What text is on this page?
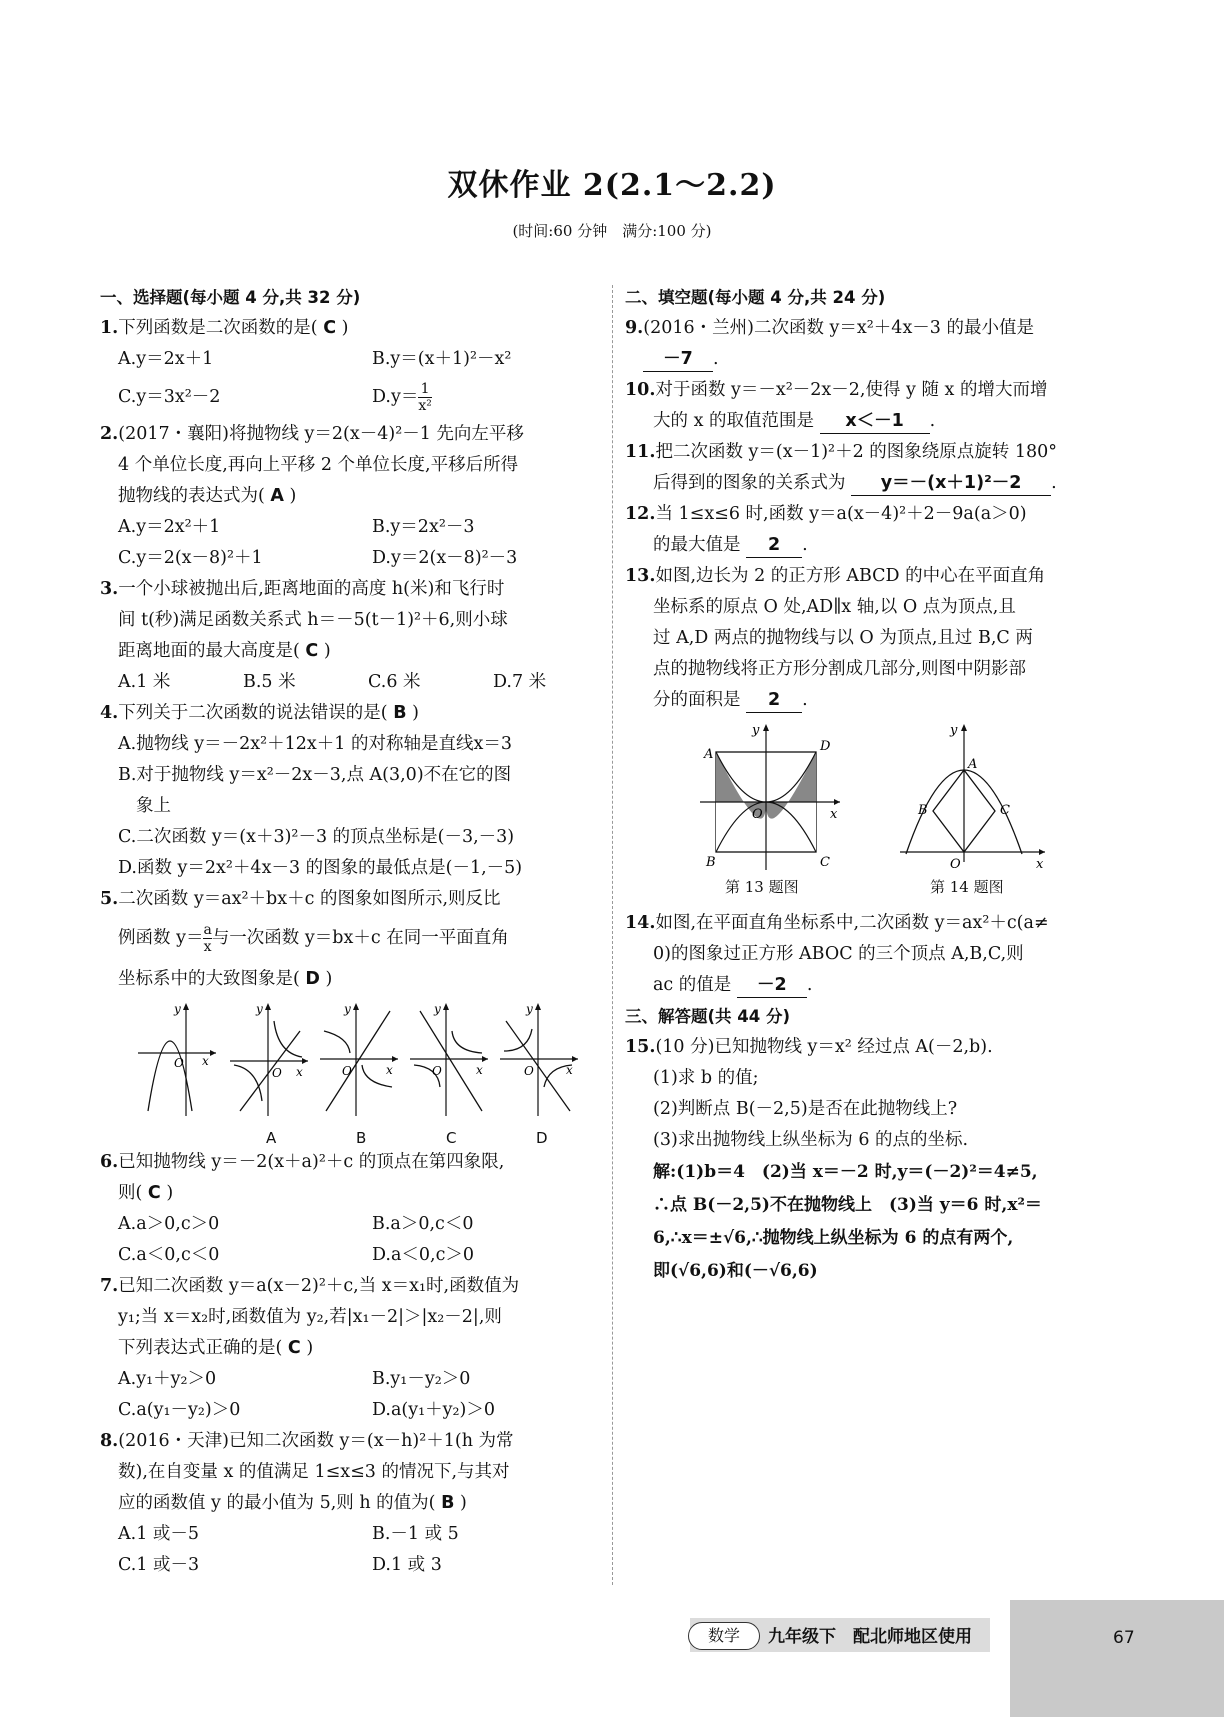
双休作业 2(2.1～2.2)
(时间:60 分钟　满分:100 分)
一、选择题(每小题 4 分,共 32 分)
1.下列函数是二次函数的是( C )
A.y＝2x＋1	B.y＝(x＋1)²－x²
C.y＝3x²－2	$D.y= \frac{1}{\text{x²}}$
2.(2017・襄阳)将抛物线 y＝2(x－4)²－1 先向左平移
4 个单位长度,再向上平移 2 个单位长度,平移后所得
抛物线的表达式为( A )
A.y＝2x²＋1	B.y＝2x²－3
C.y＝2(x－8)²＋1	D.y＝2(x－8)²－3
3.一个小球被抛出后,距离地面的高度 h(米)和飞行时
间 t(秒)满足函数关系式 h＝－5(t－1)²＋6,则小球
距离地面的最大高度是( C )
A.1 米	B.5 米	C.6 米	D.7 米
4.下列关于二次函数的说法错误的是( B )
A.抛物线 y＝－2x²＋12x＋1 的对称轴是直线x＝3
B.对于抛物线 y＝x²－2x－3,点 A(3,0)不在它的图
象上
C.二次函数 y＝(x＋3)²－3 的顶点坐标是(－3,－3)
D.函数 y＝2x²＋4x－3 的图象的最低点是(－1,－5)
5.二次函数 y＝ax²＋bx＋c 的图象如图所示,则反比
例函数 $y= \frac{a}{x}$ 与一次函数 y＝bx＋c 在同一平面直角
坐标系中的大致图象是( D )
O x
y
O x
y
O	x
y
O	x
y
O	x
y
A	B	C	D
6.已知抛物线 y＝－2(x＋a)²＋c 的顶点在第四象限,
则( C )
A.a＞0,c＞0	B.a＞0,c＜0
C.a＜0,c＜0	D.a＜0,c＞0
7.已知二次函数 y＝a(x－2)²＋c,当 x＝x₁时,函数值为
y₁;当 x＝x₂时,函数值为 y₂,若|x₁－2|＞|x₂－2|,则
下列表达式正确的是( C )
A.y₁＋y₂＞0	B.y₁－y₂＞0
C.a(y₁－y₂)＞0	D.a(y₁＋y₂)＞0
8.(2016・天津)已知二次函数 y＝(x－h)²＋1(h 为常
数),在自变量 x 的值满足 1≤x≤3 的情况下,与其对
应的函数值 y 的最小值为 5,则 h 的值为( B )
A.1 或－5	B.－1 或 5
C.1 或－3	D.1 或 3
二、填空题(每小题 4 分,共 24 分)
9.(2016・兰州)二次函数 y＝x²＋4x－3 的最小值是
－7 .
10.对于函数 y＝－x²－2x－2,使得 y 随 x 的增大而增
大的 x 的取值范围是 x＜－1 .
11.把二次函数 y＝(x－1)²＋2 的图象绕原点旋转 180°
后得到的图象的关系式为 y＝－(x＋1)²－2 .
12.当 1≤x≤6 时,函数 y＝a(x－4)²＋2－9a(a＞0)
的最大值是 2 .
13.如图,边长为 2 的正方形 ABCD 的中心在平面直角
坐标系的原点 O 处,AD∥x 轴,以 O 点为顶点,且
过 A,D 两点的抛物线与以 O 为顶点,且过 B,C 两
点的抛物线将正方形分割成几部分,则图中阴影部
分的面积是 2 .
A
D
B	C
O	x
y
第 13 题图
A
B	C
O	x
y
第 14 题图
14.如图,在平面直角坐标系中,二次函数 y＝ax²＋c(a≠
0)的图象过正方形 ABOC 的三个顶点 A,B,C,则
ac 的值是 －2 .
三、解答题(共 44 分)
15.(10 分)已知抛物线 y＝x² 经过点 A(－2,b).
(1)求 b 的值;
(2)判断点 B(－2,5)是否在此抛物线上?
(3)求出抛物线上纵坐标为 6 的点的坐标.
解:(1)b＝4　(2)当 x＝－2 时,y＝(－2)²＝4≠5,
∴点 B(－2,5)不在抛物线上　(3)当 y＝6 时,x²＝
6,∴x＝±√6,∴抛物线上纵坐标为 6 的点有两个,
即(√6,6)和(－√6,6)
数学	九年级下　配北师地区使用	67
